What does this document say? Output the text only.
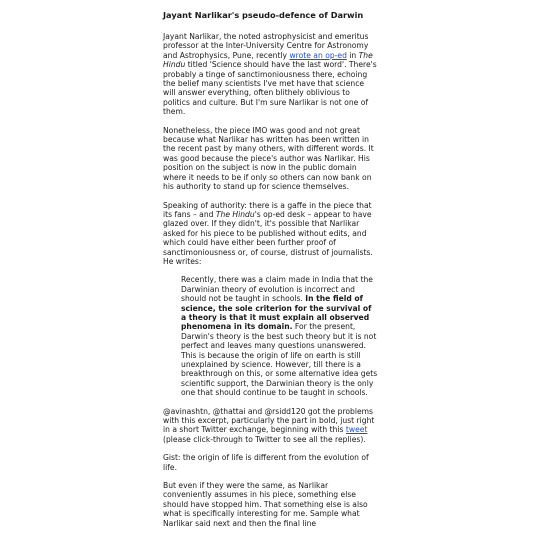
Jayant Narlikar's pseudo-defence of Darwin

Jayant Narlikar, the noted astrophysicist and emeritus professor at the Inter-University Centre for Astronomy and Astrophysics, Pune, recently wrote an op-ed in The Hindu titled 'Science should have the last word'. There's probably a tinge of sanctimoniousness there, echoing the belief many scientists I've met have that science will answer everything, often blithely oblivious to politics and culture. But I'm sure Narlikar is not one of them.

Nonetheless, the piece IMO was good and not great because what Narlikar has written has been written in the recent past by many others, with different words. It was good because the piece's author was Narlikar. His position on the subject is now in the public domain where it needs to be if only so others can now bank on his authority to stand up for science themselves.

Speaking of authority: there is a gaffe in the piece that its fans – and The Hindu's op-ed desk – appear to have glazed over. If they didn't, it's possible that Narlikar asked for his piece to be published without edits, and which could have either been further proof of sanctimoniousness or, of course, distrust of journalists. He writes:

Recently, there was a claim made in India that the Darwinian theory of evolution is incorrect and should not be taught in schools. In the field of science, the sole criterion for the survival of a theory is that it must explain all observed phenomena in its domain. For the present, Darwin's theory is the best such theory but it is not perfect and leaves many questions unanswered. This is because the origin of life on earth is still unexplained by science. However, till there is a breakthrough on this, or some alternative idea gets scientific support, the Darwinian theory is the only one that should continue to be taught in schools.

@avinashtn, @thattai and @rsidd120 got the problems with this excerpt, particularly the part in bold, just right in a short Twitter exchange, beginning with this tweet (please click-through to Twitter to see all the replies).

Gist: the origin of life is different from the evolution of life.

But even if they were the same, as Narlikar conveniently assumes in his piece, something else should have stopped him. That something else is also what is specifically interesting for me. Sample what Narlikar said next and then the final line
